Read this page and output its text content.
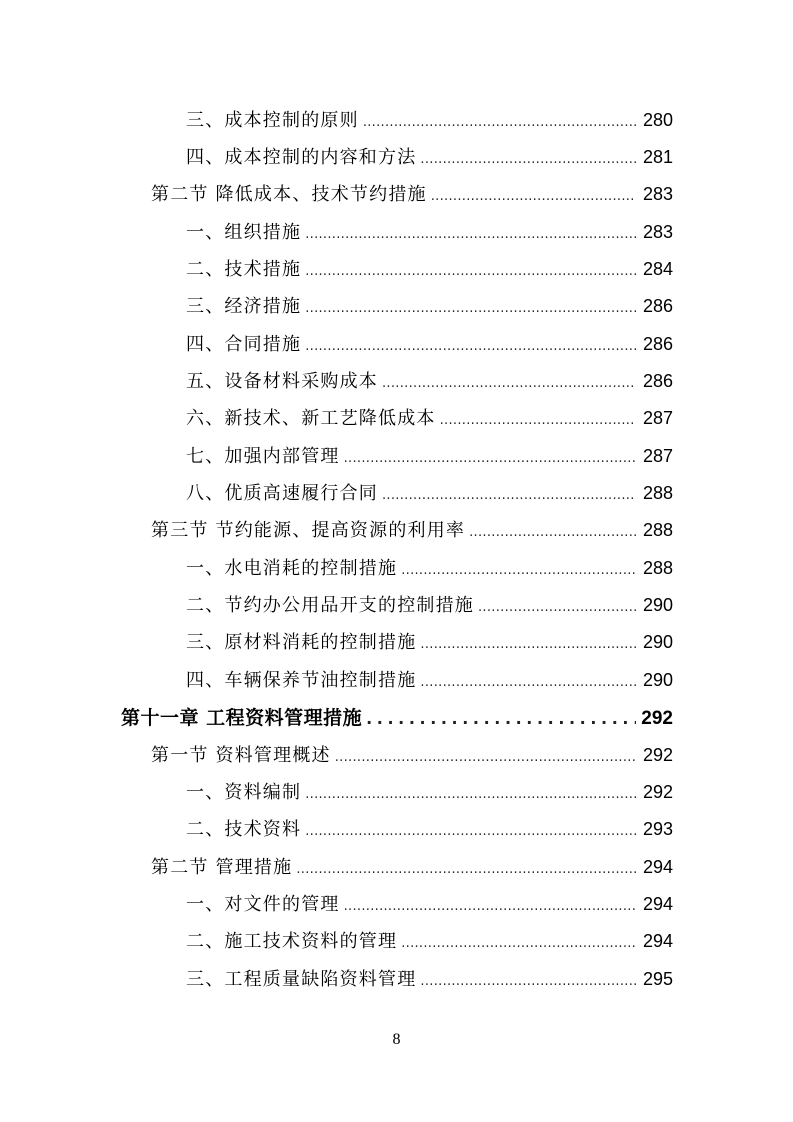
三、成本控制的原则 .....	280
四、成本控制的内容和方法 .....	281
第二节 降低成本、技术节约措施 .....	283
一、组织措施 .....	283
二、技术措施 .....	284
三、经济措施 .....	286
四、合同措施 .....	286
五、设备材料采购成本 .....	286
六、新技术、新工艺降低成本 .....	287
七、加强内部管理 .....	287
八、优质高速履行合同 .....	288
第三节 节约能源、提高资源的利用率 .....	288
一、水电消耗的控制措施 .....	288
二、节约办公用品开支的控制措施 .....	290
三、原材料消耗的控制措施 .....	290
四、车辆保养节油控制措施 .....	290
第十一章 工程资料管理措施 .....	292
第一节 资料管理概述 .....	292
一、资料编制 .....	292
二、技术资料 .....	293
第二节 管理措施 .....	294
一、对文件的管理 .....	294
二、施工技术资料的管理 .....	294
三、工程质量缺陷资料管理 .....	295
8
